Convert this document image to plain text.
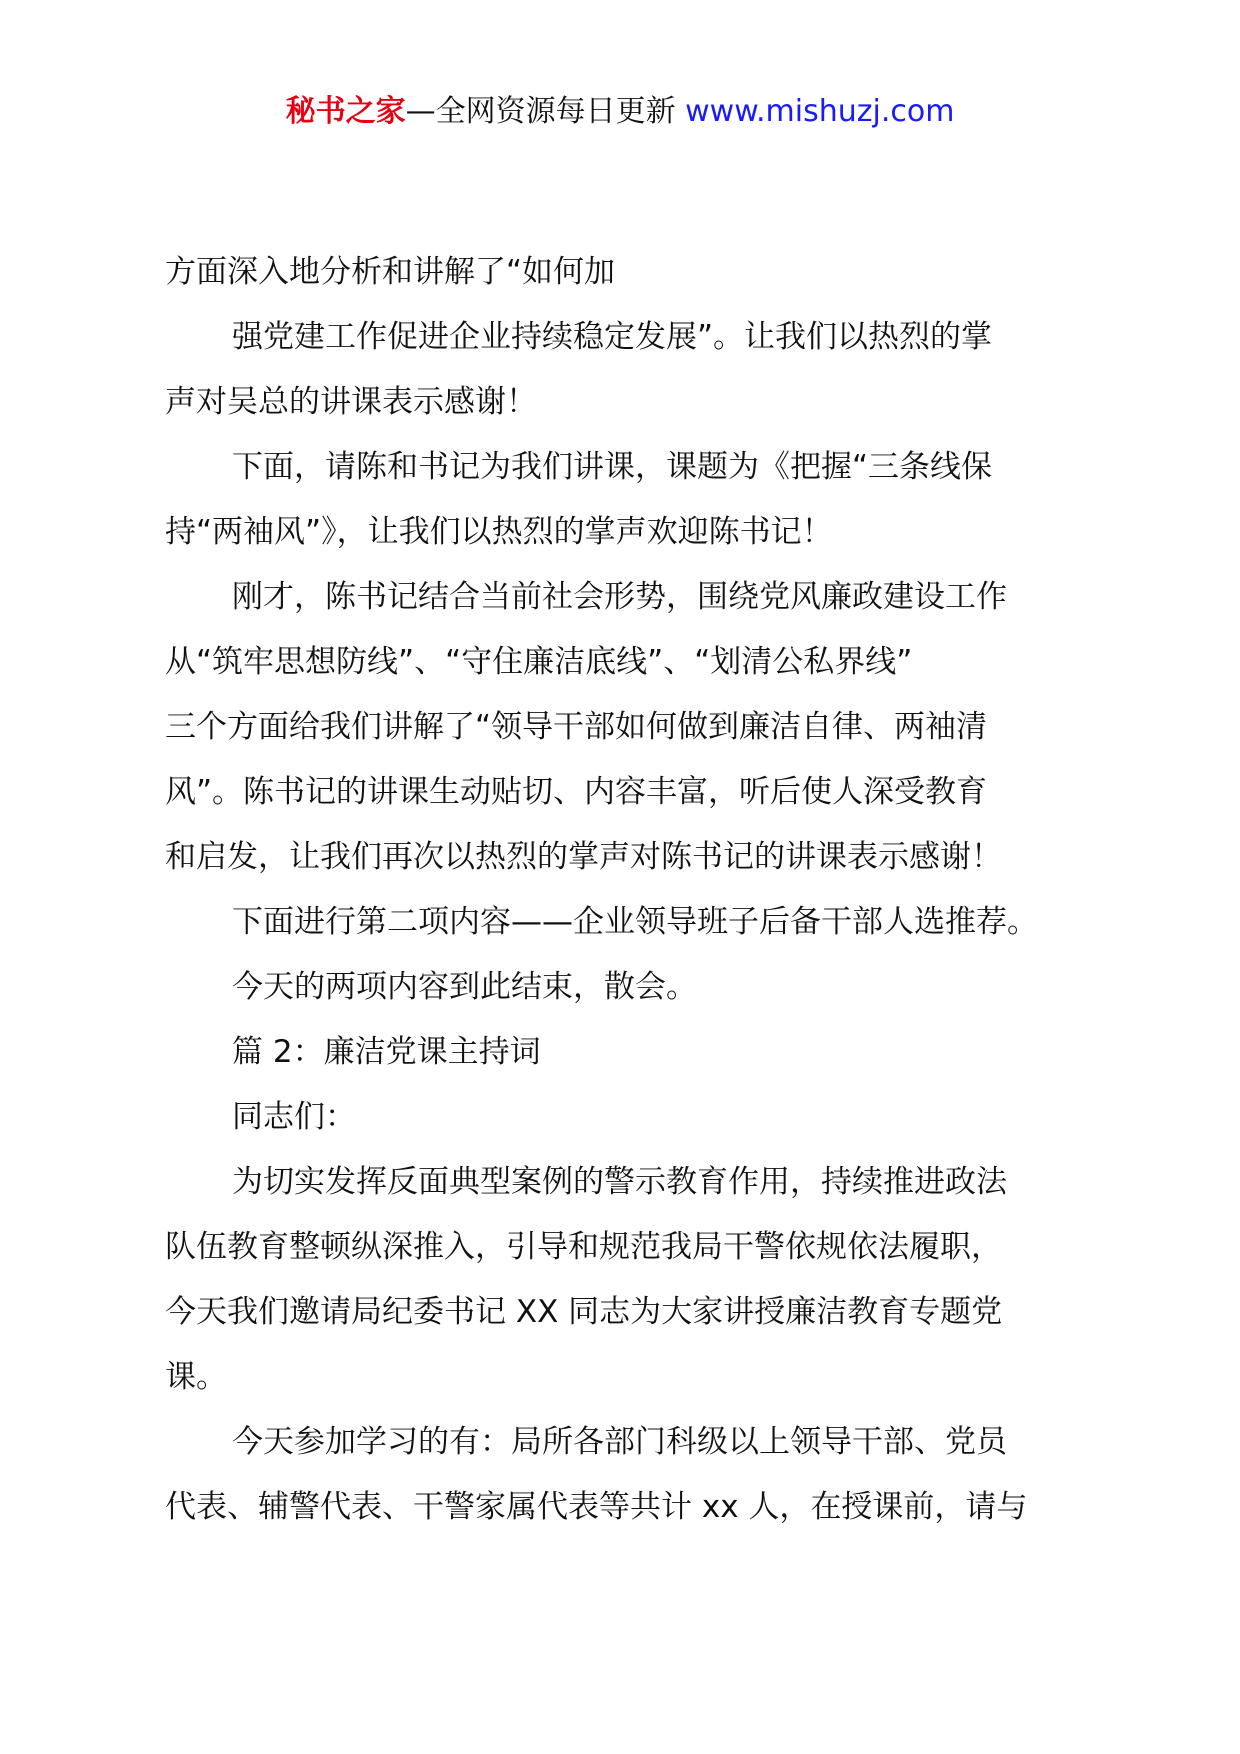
秘书之家—全网资源每日更新 www.mishuzj.com
方面深入地分析和讲解了“如何加
强党建工作促进企业持续稳定发展”。让我们以热烈的掌
声对吴总的讲课表示感谢！
下面，请陈和书记为我们讲课，课题为《把握“三条线保
持“两袖风”》，让我们以热烈的掌声欢迎陈书记！
刚才，陈书记结合当前社会形势，围绕党风廉政建设工作
从“筑牢思想防线”、“守住廉洁底线”、“划清公私界线”
三个方面给我们讲解了“领导干部如何做到廉洁自律、两袖清
风”。陈书记的讲课生动贴切、内容丰富，听后使人深受教育
和启发，让我们再次以热烈的掌声对陈书记的讲课表示感谢！
下面进行第二项内容——企业领导班子后备干部人选推荐。
今天的两项内容到此结束，散会。
篇 2：廉洁党课主持词
同志们：
为切实发挥反面典型案例的警示教育作用，持续推进政法
队伍教育整顿纵深推入，引导和规范我局干警依规依法履职，
今天我们邀请局纪委书记 XX 同志为大家讲授廉洁教育专题党
课。
今天参加学习的有：局所各部门科级以上领导干部、党员
代表、辅警代表、干警家属代表等共计 xx 人，在授课前，请与
